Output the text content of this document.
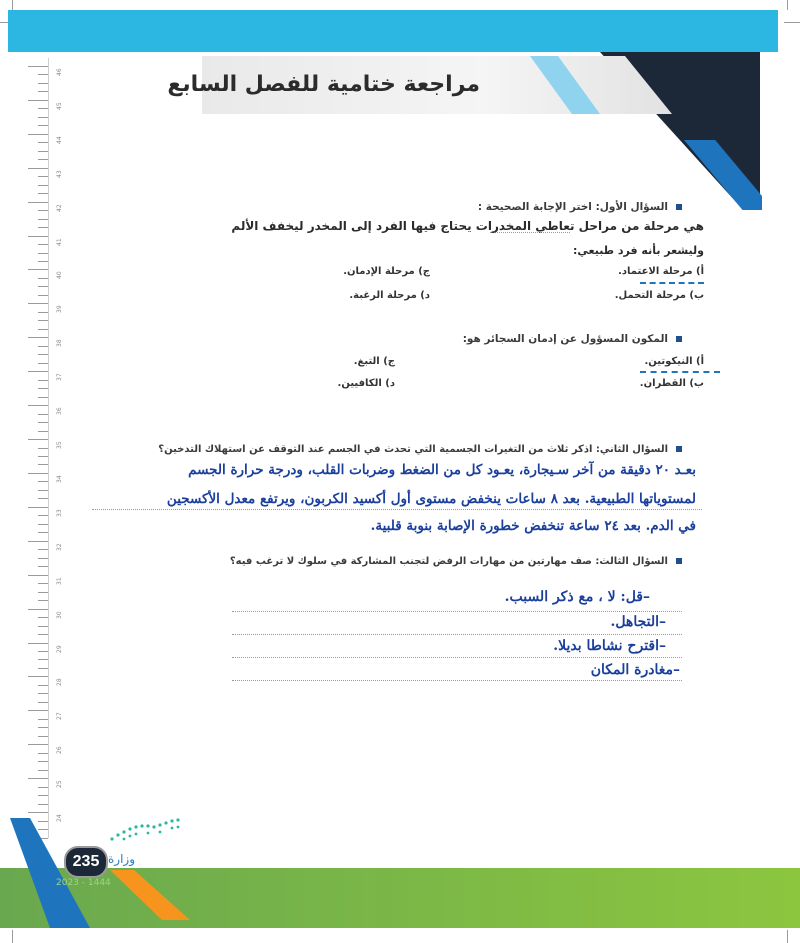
مراجعة ختامية للفصل السابع
46
45
44
43
42
41
40
39
38
37
36
35
34
33
32
31
30
29
28
27
26
25
24
السؤال الأول: اختر الإجابة الصحيحة :
هي مرحلة من مراحل تعاطي المخدرات يحتاج فيها الفرد إلى المخدر ليخفف الألم
وليشعر بأنه فرد طبيعي:
أ) مرحلة الاعتماد.
ب) مرحلة التحمل.
ج) مرحلة الإدمان.
د) مرحلة الرغبة.
المكون المسؤول عن إدمان السجائر هو:
أ) النيكوتين.
ب) القطران.
ج) التبغ.
د) الكافيين.
السؤال الثاني: اذكر ثلاث من التغيرات الجسمية التي تحدث في الجسم عند التوقف عن استهلاك التدخين؟
بعـد ٢٠ دقيقة من آخر سـيجارة، يعـود كل من الضغط وضربات القلب، ودرجة حرارة الجسم
لمستوياتها الطبيعية. بعد ٨ ساعات ينخفض مستوى أول أكسيد الكربون، ويرتفع معدل الأكسجين
في الدم. بعد ٢٤ ساعة تنخفض خطورة الإصابة بنوبة قلبية.
السؤال الثالث: صف مهارتين من مهارات الرفض لتجنب المشاركة في سلوك لا ترغب فيه؟
–قل: لا ، مع ذكر السبب.
–التجاهل.
–اقترح نشاطا بديلا.
–مغادرة المكان
235 وزارة
2023 - 1444
